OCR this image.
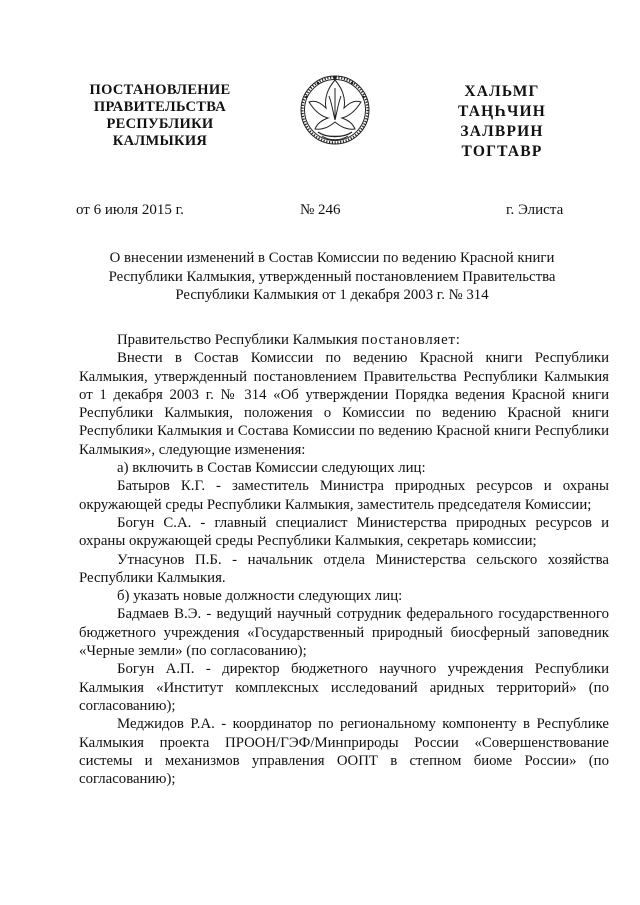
ПОСТАНОВЛЕНИЕ
ПРАВИТЕЛЬСТВА
РЕСПУБЛИКИ
КАЛМЫКИЯ
ХАЛЬМГ
ТАҢҺЧИН
ЗАЛВРИН
ТОГТАВР
от 6 июля 2015 г.	№ 246	г. Элиста
О внесении изменений в Состав Комиссии по ведению Красной книги
Республики Калмыкия, утвержденный постановлением Правительства
Республики Калмыкия от 1 декабря 2003 г. № 314

Правительство Республики Калмыкия постановляет:

Внести в Состав Комиссии по ведению Красной книги Республики Калмыкия, утвержденный постановлением Правительства Республики Калмыкия от 1 декабря 2003 г. № 314 «Об утверждении Порядка ведения Красной книги Республики Калмыкия, положения о Комиссии по ведению Красной книги Республики Калмыкия и Состава Комиссии по ведению Красной книги Республики Калмыкия», следующие изменения:

а) включить в Состав Комиссии следующих лиц:

Батыров К.Г. - заместитель Министра природных ресурсов и охраны окружающей среды Республики Калмыкия, заместитель председателя Комиссии;

Богун С.А. - главный специалист Министерства природных ресурсов и охраны окружающей среды Республики Калмыкия, секретарь комиссии;

Утнасунов П.Б. - начальник отдела Министерства сельского хозяйства Республики Калмыкия.

б) указать новые должности следующих лиц:

Бадмаев В.Э. - ведущий научный сотрудник федерального государственного бюджетного учреждения «Государственный природный биосферный заповедник «Черные земли» (по согласованию);

Богун А.П. - директор бюджетного научного учреждения Республики Калмыкия «Институт комплексных исследований аридных территорий» (по согласованию);

Меджидов Р.А. - координатор по региональному компоненту в Республике Калмыкия проекта ПРООН/ГЭФ/Минприроды России «Совершенствование системы и механизмов управления ООПТ в степном биоме России» (по согласованию);
